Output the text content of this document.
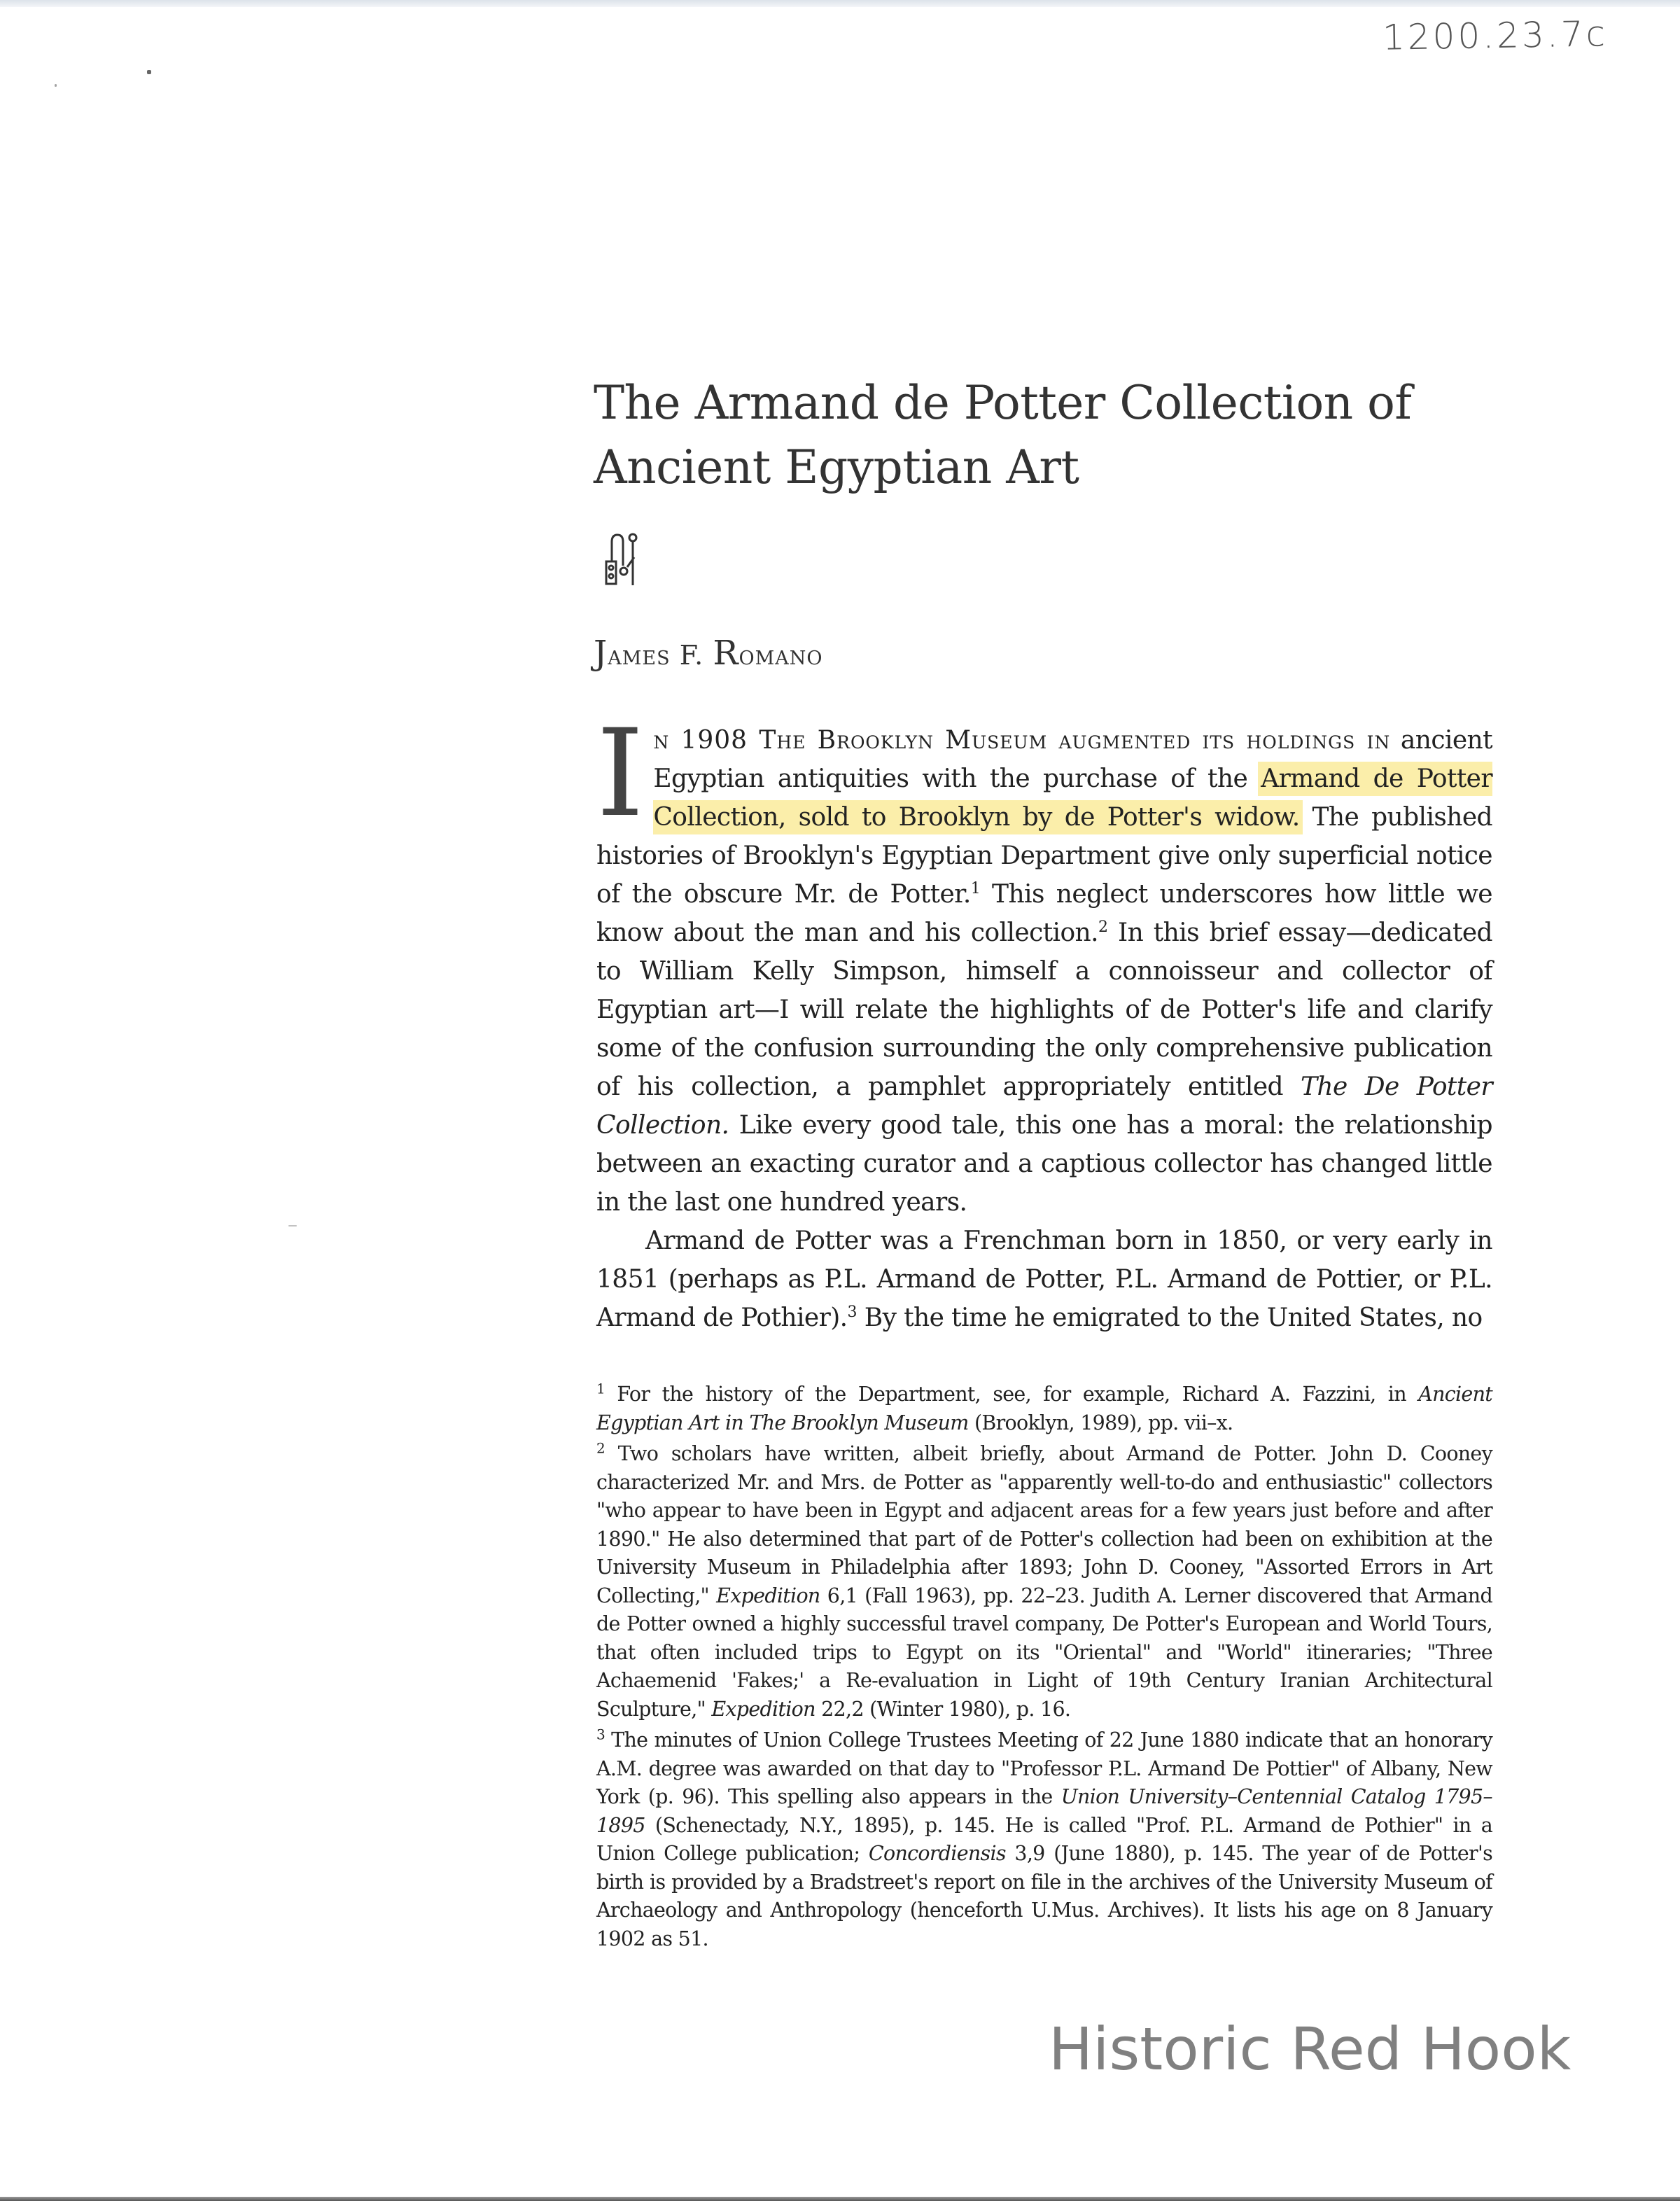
1200.23.7c
The Armand de Potter Collection of
Ancient Egyptian Art
James F. Romano

In 1908 The Brooklyn Museum augmented its holdings in ancient Egyptian antiquities with the purchase of the Armand de Potter Collection, sold to Brooklyn by de Potter's widow. The published histories of Brooklyn's Egyptian Department give only superficial notice of the obscure Mr. de Potter.$^1$ This neglect underscores how little we know about the man and his collection.$^2$ In this brief essay—dedicated to William Kelly Simpson, himself a connoisseur and collector of Egyptian art—I will relate the highlights of de Potter's life and clarify some of the confusion surrounding the only comprehensive publication of his collection, a pamphlet appropriately entitled The De Potter Collection. Like every good tale, this one has a moral: the relationship between an exacting curator and a captious collector has changed little in the last one hundred years.

Armand de Potter was a Frenchman born in 1850, or very early in 1851 (perhaps as P.L. Armand de Potter, P.L. Armand de Pottier, or P.L. Armand de Pothier).$^3$ By the time he emigrated to the United States, no

$^1$ For the history of the Department, see, for example, Richard A. Fazzini, in Ancient Egyptian Art in The Brooklyn Museum (Brooklyn, 1989), pp. vii–x.

$^2$ Two scholars have written, albeit briefly, about Armand de Potter. John D. Cooney characterized Mr. and Mrs. de Potter as "apparently well-to-do and enthusiastic" collectors "who appear to have been in Egypt and adjacent areas for a few years just before and after 1890." He also determined that part of de Potter's collection had been on exhibition at the University Museum in Philadelphia after 1893; John D. Cooney, "Assorted Errors in Art Collecting," Expedition 6,1 (Fall 1963), pp. 22–23. Judith A. Lerner discovered that Armand de Potter owned a highly successful travel company, De Potter's European and World Tours, that often included trips to Egypt on its "Oriental" and "World" itineraries; "Three Achaemenid 'Fakes;' a Re-evaluation in Light of 19th Century Iranian Architectural Sculpture," Expedition 22,2 (Winter 1980), p. 16.

$^3$ The minutes of Union College Trustees Meeting of 22 June 1880 indicate that an honorary A.M. degree was awarded on that day to "Professor P.L. Armand De Pottier" of Albany, New York (p. 96). This spelling also appears in the Union University–Centennial Catalog 1795–1895 (Schenectady, N.Y., 1895), p. 145. He is called "Prof. P.L. Armand de Pothier" in a Union College publication; Concordiensis 3,9 (June 1880), p. 145. The year of de Potter's birth is provided by a Bradstreet's report on file in the archives of the University Museum of Archaeology and Anthropology (henceforth U.Mus. Archives). It lists his age on 8 January 1902 as 51.

Historic Red Hook
